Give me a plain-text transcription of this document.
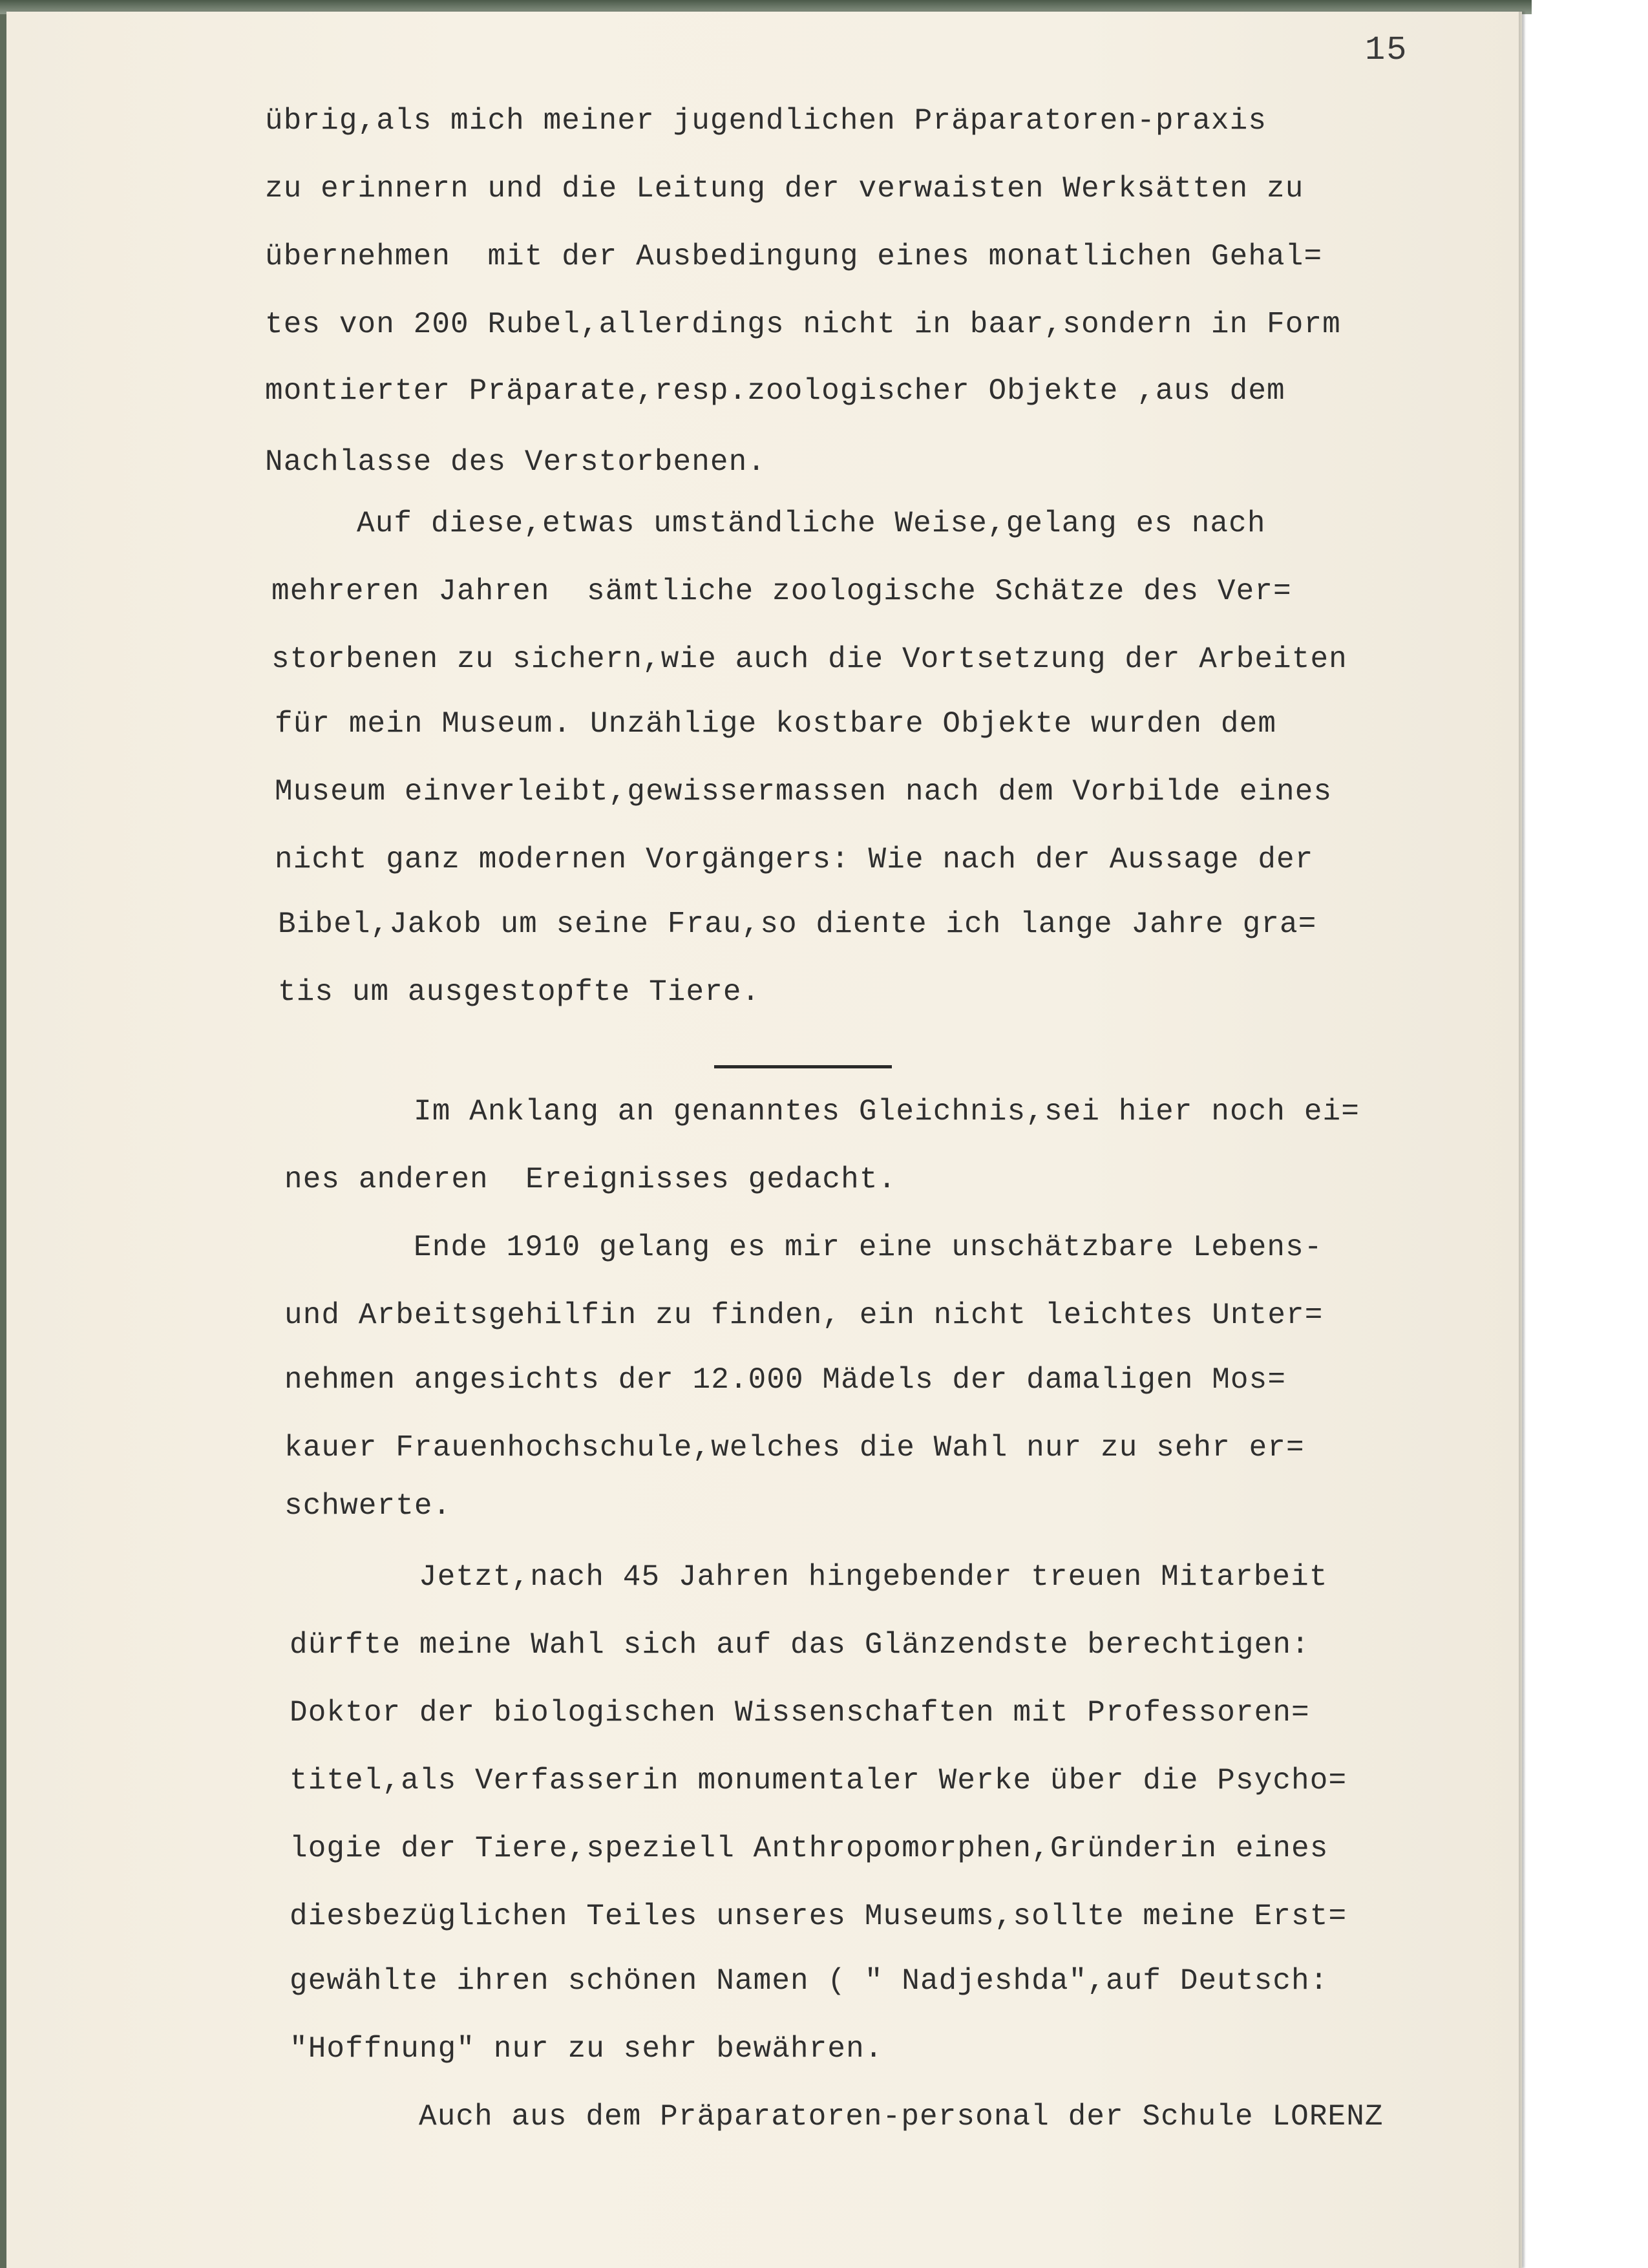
15
übrig,als mich meiner jugendlichen Präparatoren-praxis
zu erinnern und die Leitung der verwaisten Werksätten zu
übernehmen  mit der Ausbedingung eines monatlichen Gehal=
tes von 200 Rubel,allerdings nicht in baar,sondern in Form
montierter Präparate,resp.zoologischer Objekte ,aus dem
Nachlasse des Verstorbenen.
Auf diese,etwas umständliche Weise,gelang es nach
mehreren Jahren  sämtliche zoologische Schätze des Ver=
storbenen zu sichern,wie auch die Vortsetzung der Arbeiten
für mein Museum. Unzählige kostbare Objekte wurden dem
Museum einverleibt,gewissermassen nach dem Vorbilde eines
nicht ganz modernen Vorgängers: Wie nach der Aussage der
Bibel,Jakob um seine Frau,so diente ich lange Jahre gra=
tis um ausgestopfte Tiere.
Im Anklang an genanntes Gleichnis,sei hier noch ei=
nes anderen  Ereignisses gedacht.
Ende 1910 gelang es mir eine unschätzbare Lebens-
und Arbeitsgehilfin zu finden, ein nicht leichtes Unter=
nehmen angesichts der 12.000 Mädels der damaligen Mos=
kauer Frauenhochschule,welches die Wahl nur zu sehr er=
schwerte.
Jetzt,nach 45 Jahren hingebender treuen Mitarbeit
dürfte meine Wahl sich auf das Glänzendste berechtigen:
Doktor der biologischen Wissenschaften mit Professoren=
titel,als Verfasserin monumentaler Werke über die Psycho=
logie der Tiere,speziell Anthropomorphen,Gründerin eines
diesbezüglichen Teiles unseres Museums,sollte meine Erst=
gewählte ihren schönen Namen ( " Nadjeshda",auf Deutsch:
"Hoffnung" nur zu sehr bewähren.
Auch aus dem Präparatoren-personal der Schule LORENZ
